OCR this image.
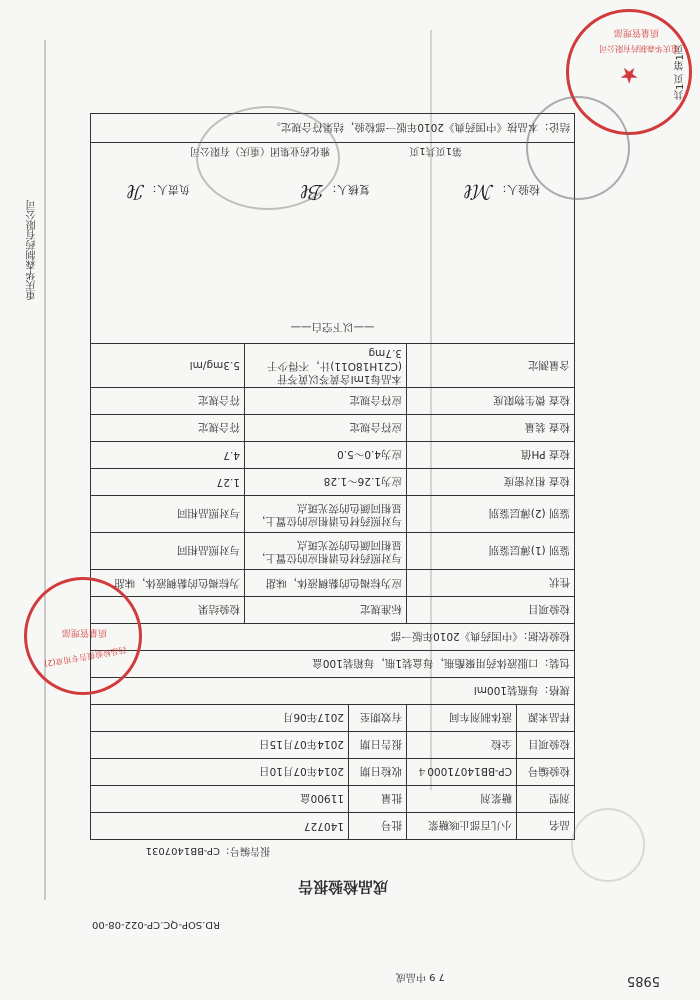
5985
7 9 中品成
RD.SOP-QC.CP-022-08-00
成品检验报告
报告编号：CP-BB1407031
品名	小儿百部止咳糖浆	批号	140727	
剂型	糖浆剂	批量	11900盒	
检验编号	CP-BB14071000４	收检日期	2014年07月10日	
检验项目	全检	报告日期	2014年07月15日	
样品来源	液体制剂车间	有效期至	2017年06月	
规格：每瓶装100ml				
包装：口服液体药用聚酯瓶，每盒装1瓶，每箱装100盒				
检验依据：《中国药典》2010年版一部				
检验项目		标准规定		检验结果
性状		应为棕褐色的黏稠液体，味甜		为棕褐色的黏稠液体，味甜
鉴别 (1)薄层鉴别		与对照药材色谱相应的位置上，显相同颜色的荧光斑点		与对照品相同
鉴别 (2)薄层鉴别		与对照药材色谱相应的位置上，显相同颜色的荧光斑点		与对照品相同
检查 相对密度		应为1.26～1.28		1.27
检查 PH值		应为4.0～5.0		4.7
检查 装量		应符合规定		符合规定
检查 微生物限度		应符合规定		符合规定
含量测定		本品每1ml含黄芩以黄芩苷(C21H18O11)计，不得少于3.7mg		5.3mg/ml
——以下空白——				
结论：本品按《中国药典》2010年版一部检验，结果符合规定。				
检验人：
ℳℓ
复核人：
ℬℓ
负责人：
ℐℓ
第1页共1页
雅化药业集团（重庆）有限公司
重庆华森制药有限公司
共1页 第1页
药品检验报告专用章(2)
质量管理部
★
重庆华森制药有限公司
质量管理部
